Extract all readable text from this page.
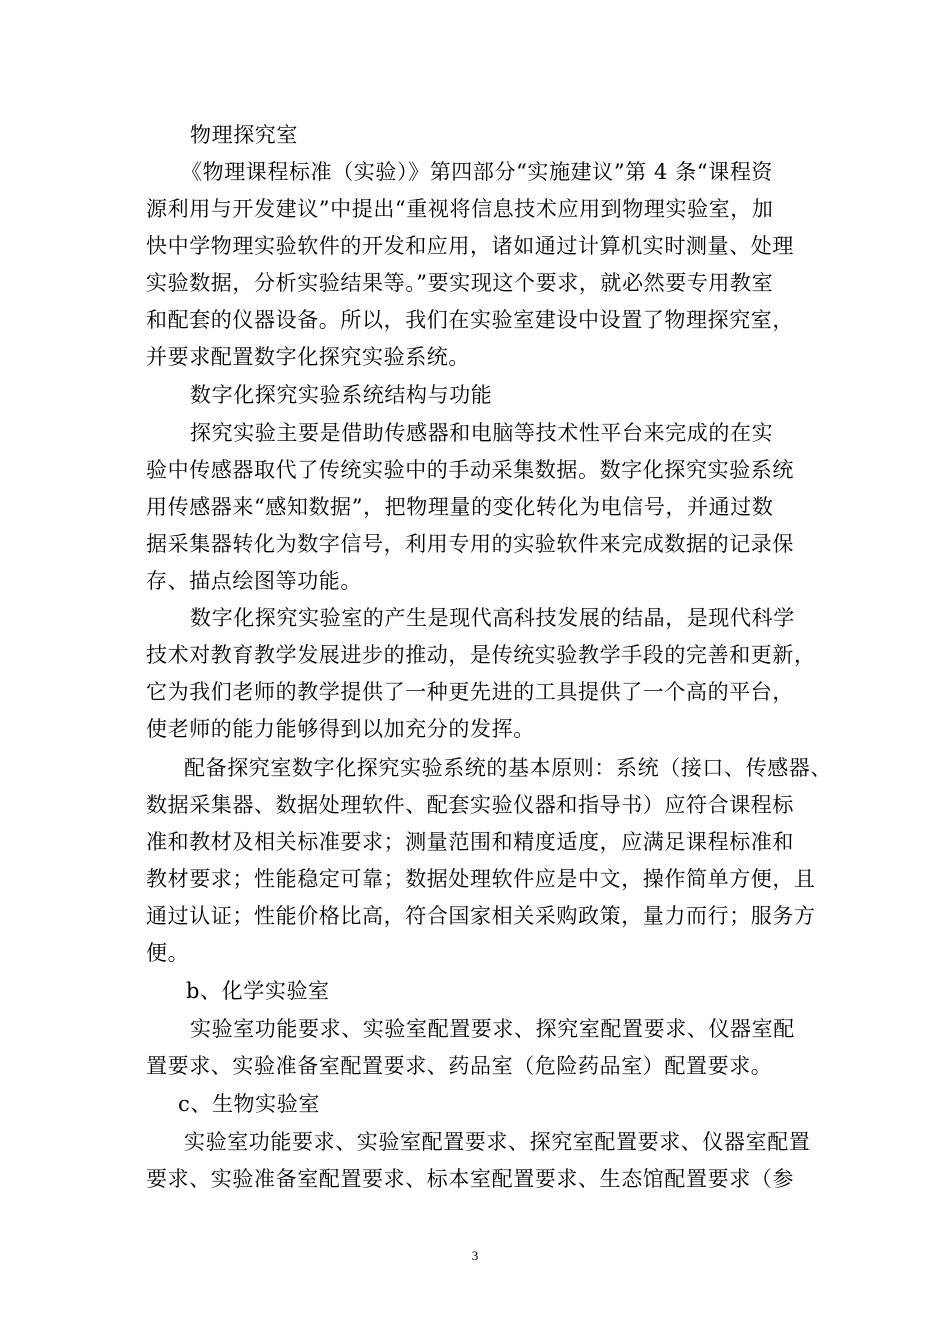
物理探究室
《物理课程标准（实验）》第四部分“实施建议”第 4 条“课程资
源利用与开发建议”中提出“重视将信息技术应用到物理实验室，加
快中学物理实验软件的开发和应用，诸如通过计算机实时测量、处理
实验数据，分析实验结果等。”要实现这个要求，就必然要专用教室
和配套的仪器设备。所以，我们在实验室建设中设置了物理探究室，
并要求配置数字化探究实验系统。
数字化探究实验系统结构与功能
探究实验主要是借助传感器和电脑等技术性平台来完成的在实
验中传感器取代了传统实验中的手动采集数据。数字化探究实验系统
用传感器来“感知数据”，把物理量的变化转化为电信号，并通过数
据采集器转化为数字信号，利用专用的实验软件来完成数据的记录保
存、描点绘图等功能。
数字化探究实验室的产生是现代高科技发展的结晶，是现代科学
技术对教育教学发展进步的推动，是传统实验教学手段的完善和更新，
它为我们老师的教学提供了一种更先进的工具提供了一个高的平台，
使老师的能力能够得到以加充分的发挥。
配备探究室数字化探究实验系统的基本原则：系统（接口、传感器、
数据采集器、数据处理软件、配套实验仪器和指导书）应符合课程标
准和教材及相关标准要求；测量范围和精度适度，应满足课程标准和
教材要求；性能稳定可靠；数据处理软件应是中文，操作简单方便，且
通过认证；性能价格比高，符合国家相关采购政策，量力而行；服务方
便。
b、化学实验室
实验室功能要求、实验室配置要求、探究室配置要求、仪器室配
置要求、实验准备室配置要求、药品室（危险药品室）配置要求。
c、生物实验室
实验室功能要求、实验室配置要求、探究室配置要求、仪器室配置
要求、实验准备室配置要求、标本室配置要求、生态馆配置要求（参
3
